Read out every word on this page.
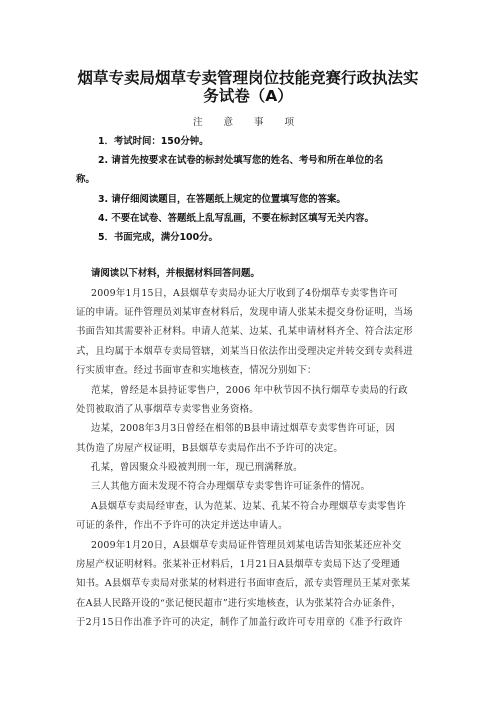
烟草专卖局烟草专卖管理岗位技能竞赛行政执法实
务试卷（A）
注 意 事 项
1．考试时间：150分钟。
2. 请首先按要求在试卷的标封处填写您的姓名、考号和所在单位的名
称。
3. 请仔细阅读题目，在答题纸上规定的位置填写您的答案。
4. 不要在试卷、答题纸上乱写乱画，不要在标封区填写无关内容。
5．书面完成，满分100分。
请阅读以下材料，并根据材料回答问题。
2009年1月15日，A县烟草专卖局办证大厅收到了4份烟草专卖零售许可
证的申请。证件管理员刘某审查材料后，发现申请人张某未提交身份证明，当场
书面告知其需要补正材料。申请人范某、边某、孔某申请材料齐全、符合法定形
式，且均属于本烟草专卖局管辖，刘某当日依法作出受理决定并转交到专卖科进
行实质审查。经过书面审查和实地核查，情况分别如下：
范某，曾经是本县持证零售户，2006 年中秋节因不执行烟草专卖局的行政
处罚被取消了从事烟草专卖零售业务资格。
边某，2008年3月3日曾经在相邻的B县申请过烟草专卖零售许可证，因
其伪造了房屋产权证明，B县烟草专卖局作出不予许可的决定。
孔某，曾因聚众斗殴被判刑一年，现已刑满释放。
三人其他方面未发现不符合办理烟草专卖零售许可证条件的情况。
A县烟草专卖局经审查，认为范某、边某、孔某不符合办理烟草专卖零售许
可证的条件，作出不予许可的决定并送达申请人。
2009年1月20日，A县烟草专卖局证件管理员刘某电话告知张某还应补交
房屋产权证明材料。张某补正材料后，1月21日A县烟草专卖局下达了受理通
知书。A县烟草专卖局对张某的材料进行书面审查后，派专卖管理员王某对张某
在A县人民路开设的“张记便民超市”进行实地核查，认为张某符合办证条件，
于2月15日作出准予许可的决定，制作了加盖行政许可专用章的《准予行政许
